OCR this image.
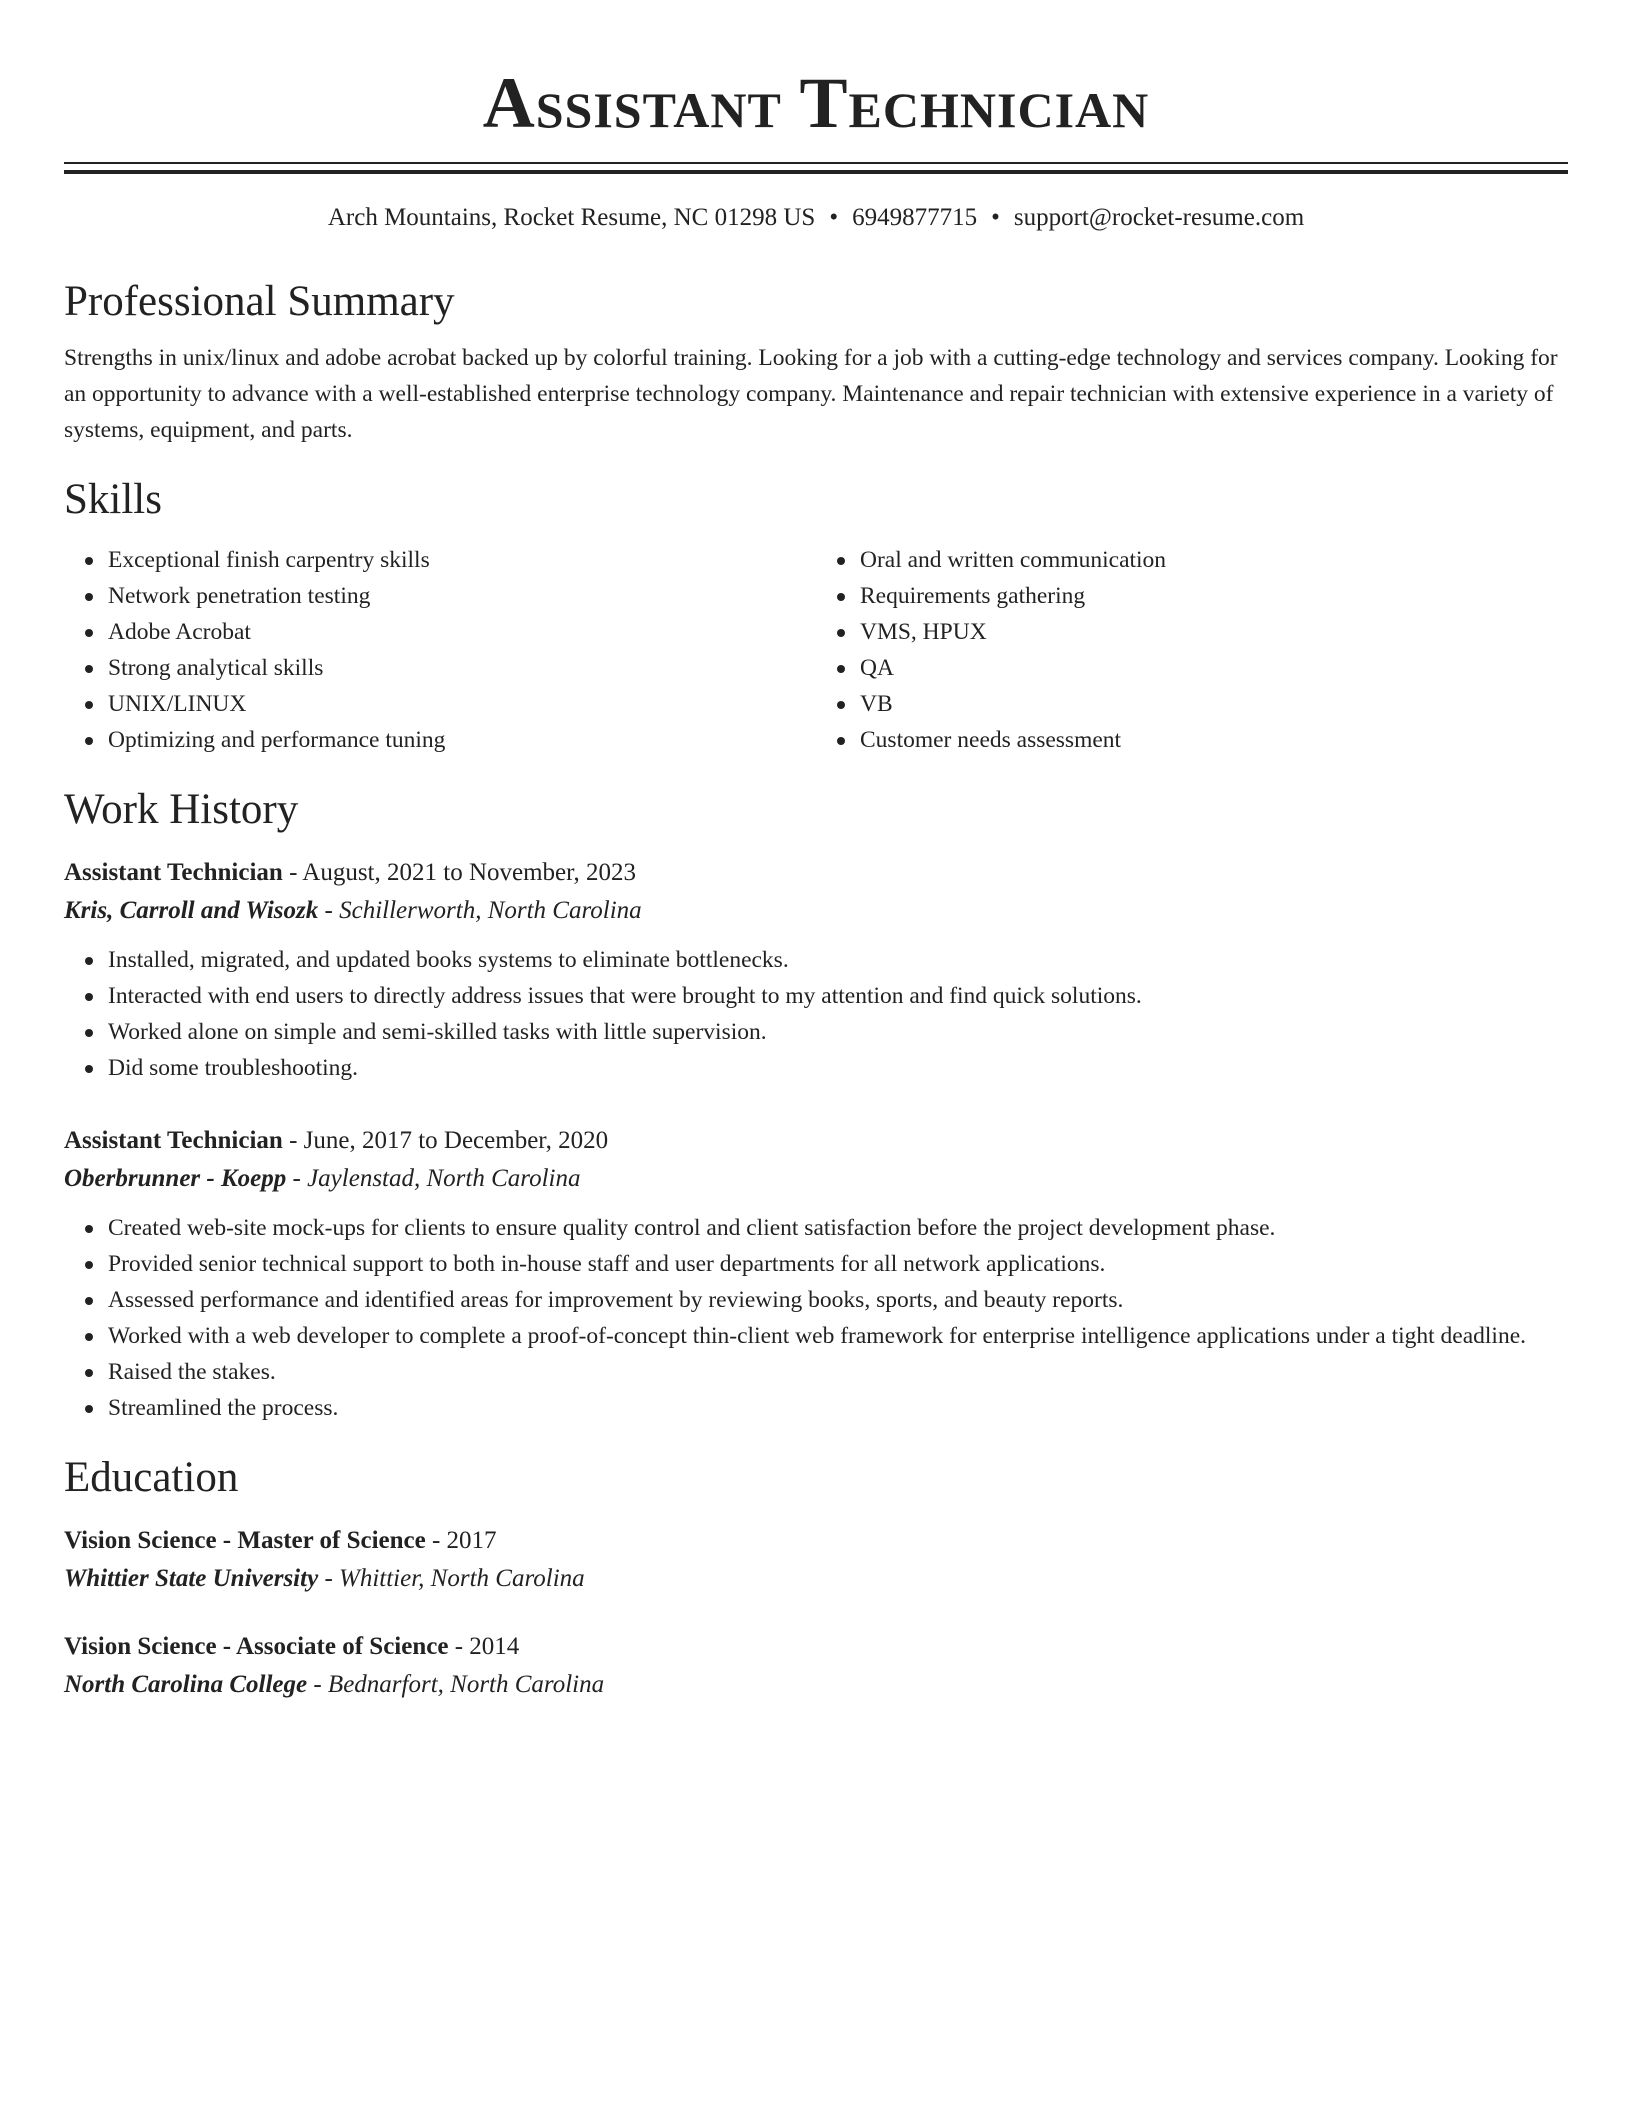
Assistant Technician
Arch Mountains, Rocket Resume, NC 01298 US • 6949877715 • support@rocket-resume.com
Professional Summary
Strengths in unix/linux and adobe acrobat backed up by colorful training. Looking for a job with a cutting-edge technology and services company. Looking for an opportunity to advance with a well-established enterprise technology company. Maintenance and repair technician with extensive experience in a variety of systems, equipment, and parts.
Skills
Exceptional finish carpentry skills
Network penetration testing
Adobe Acrobat
Strong analytical skills
UNIX/LINUX
Optimizing and performance tuning
Oral and written communication
Requirements gathering
VMS, HPUX
QA
VB
Customer needs assessment
Work History
Assistant Technician - August, 2021 to November, 2023
Kris, Carroll and Wisozk - Schillerworth, North Carolina
Installed, migrated, and updated books systems to eliminate bottlenecks.
Interacted with end users to directly address issues that were brought to my attention and find quick solutions.
Worked alone on simple and semi-skilled tasks with little supervision.
Did some troubleshooting.
Assistant Technician - June, 2017 to December, 2020
Oberbrunner - Koepp - Jaylenstad, North Carolina
Created web-site mock-ups for clients to ensure quality control and client satisfaction before the project development phase.
Provided senior technical support to both in-house staff and user departments for all network applications.
Assessed performance and identified areas for improvement by reviewing books, sports, and beauty reports.
Worked with a web developer to complete a proof-of-concept thin-client web framework for enterprise intelligence applications under a tight deadline.
Raised the stakes.
Streamlined the process.
Education
Vision Science - Master of Science - 2017
Whittier State University - Whittier, North Carolina
Vision Science - Associate of Science - 2014
North Carolina College - Bednarfort, North Carolina
